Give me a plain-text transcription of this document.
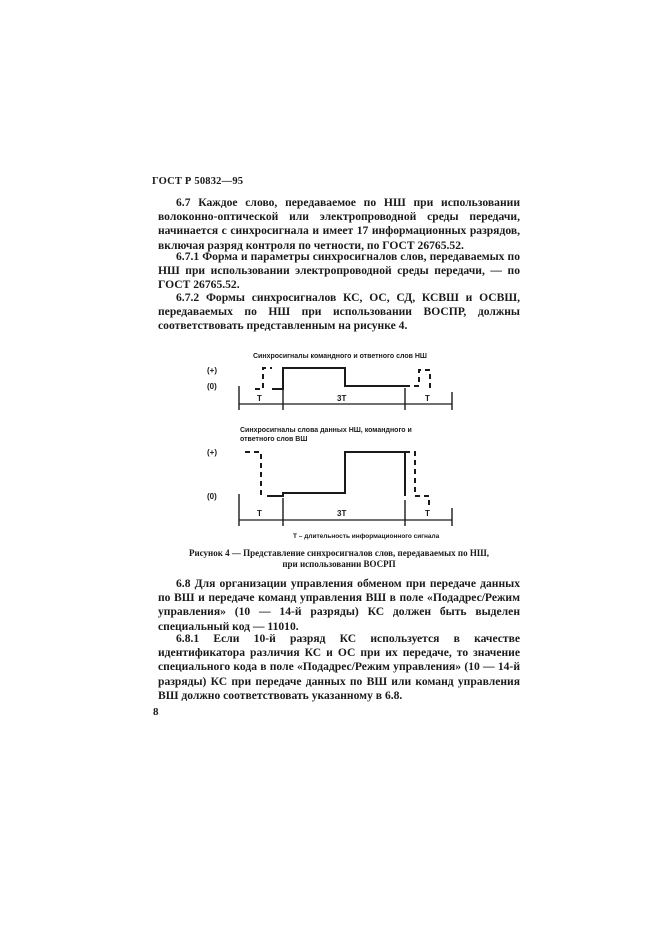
ГОСТ Р 50832—95

6.7 Каждое слово, передаваемое по НШ при использовании волоконно-оптической или электропроводной среды передачи, начинается с синхросигнала и имеет 17 информационных разрядов, включая разряд контроля по четности, по ГОСТ 26765.52.

6.7.1 Форма и параметры синхросигналов слов, передаваемых по НШ при использовании электропроводной среды передачи, — по ГОСТ 26765.52.

6.7.2 Формы синхросигналов КС, ОС, СД, КСВШ и ОСВШ, передаваемых по НШ при использовании ВОСПР, должны соответствовать представленным на рисунке 4.

Синхросигналы командного и ответного слов НШ
(+)
(0)
Т	3Т	Т
Синхросигналы слова данных НШ, командного и
ответного слов ВШ
(+)
(0)
Т	3Т	Т
Т – длительность информационного сигнала
Рисунок 4 — Представление синхросигналов слов, передаваемых по НШ,
при использовании ВОСРП

6.8 Для организации управления обменом при передаче данных по ВШ и передаче команд управления ВШ в поле «Подадрес/Режим управления» (10 — 14-й разряды) КС должен быть выделен специальный код — 11010.

6.8.1 Если 10-й разряд КС используется в качестве идентификатора различия КС и ОС при их передаче, то значение специального кода в поле «Подадрес/Режим управления» (10 — 14-й разряды) КС при передаче данных по ВШ или команд управления ВШ должно соответствовать указанному в 6.8.

8
